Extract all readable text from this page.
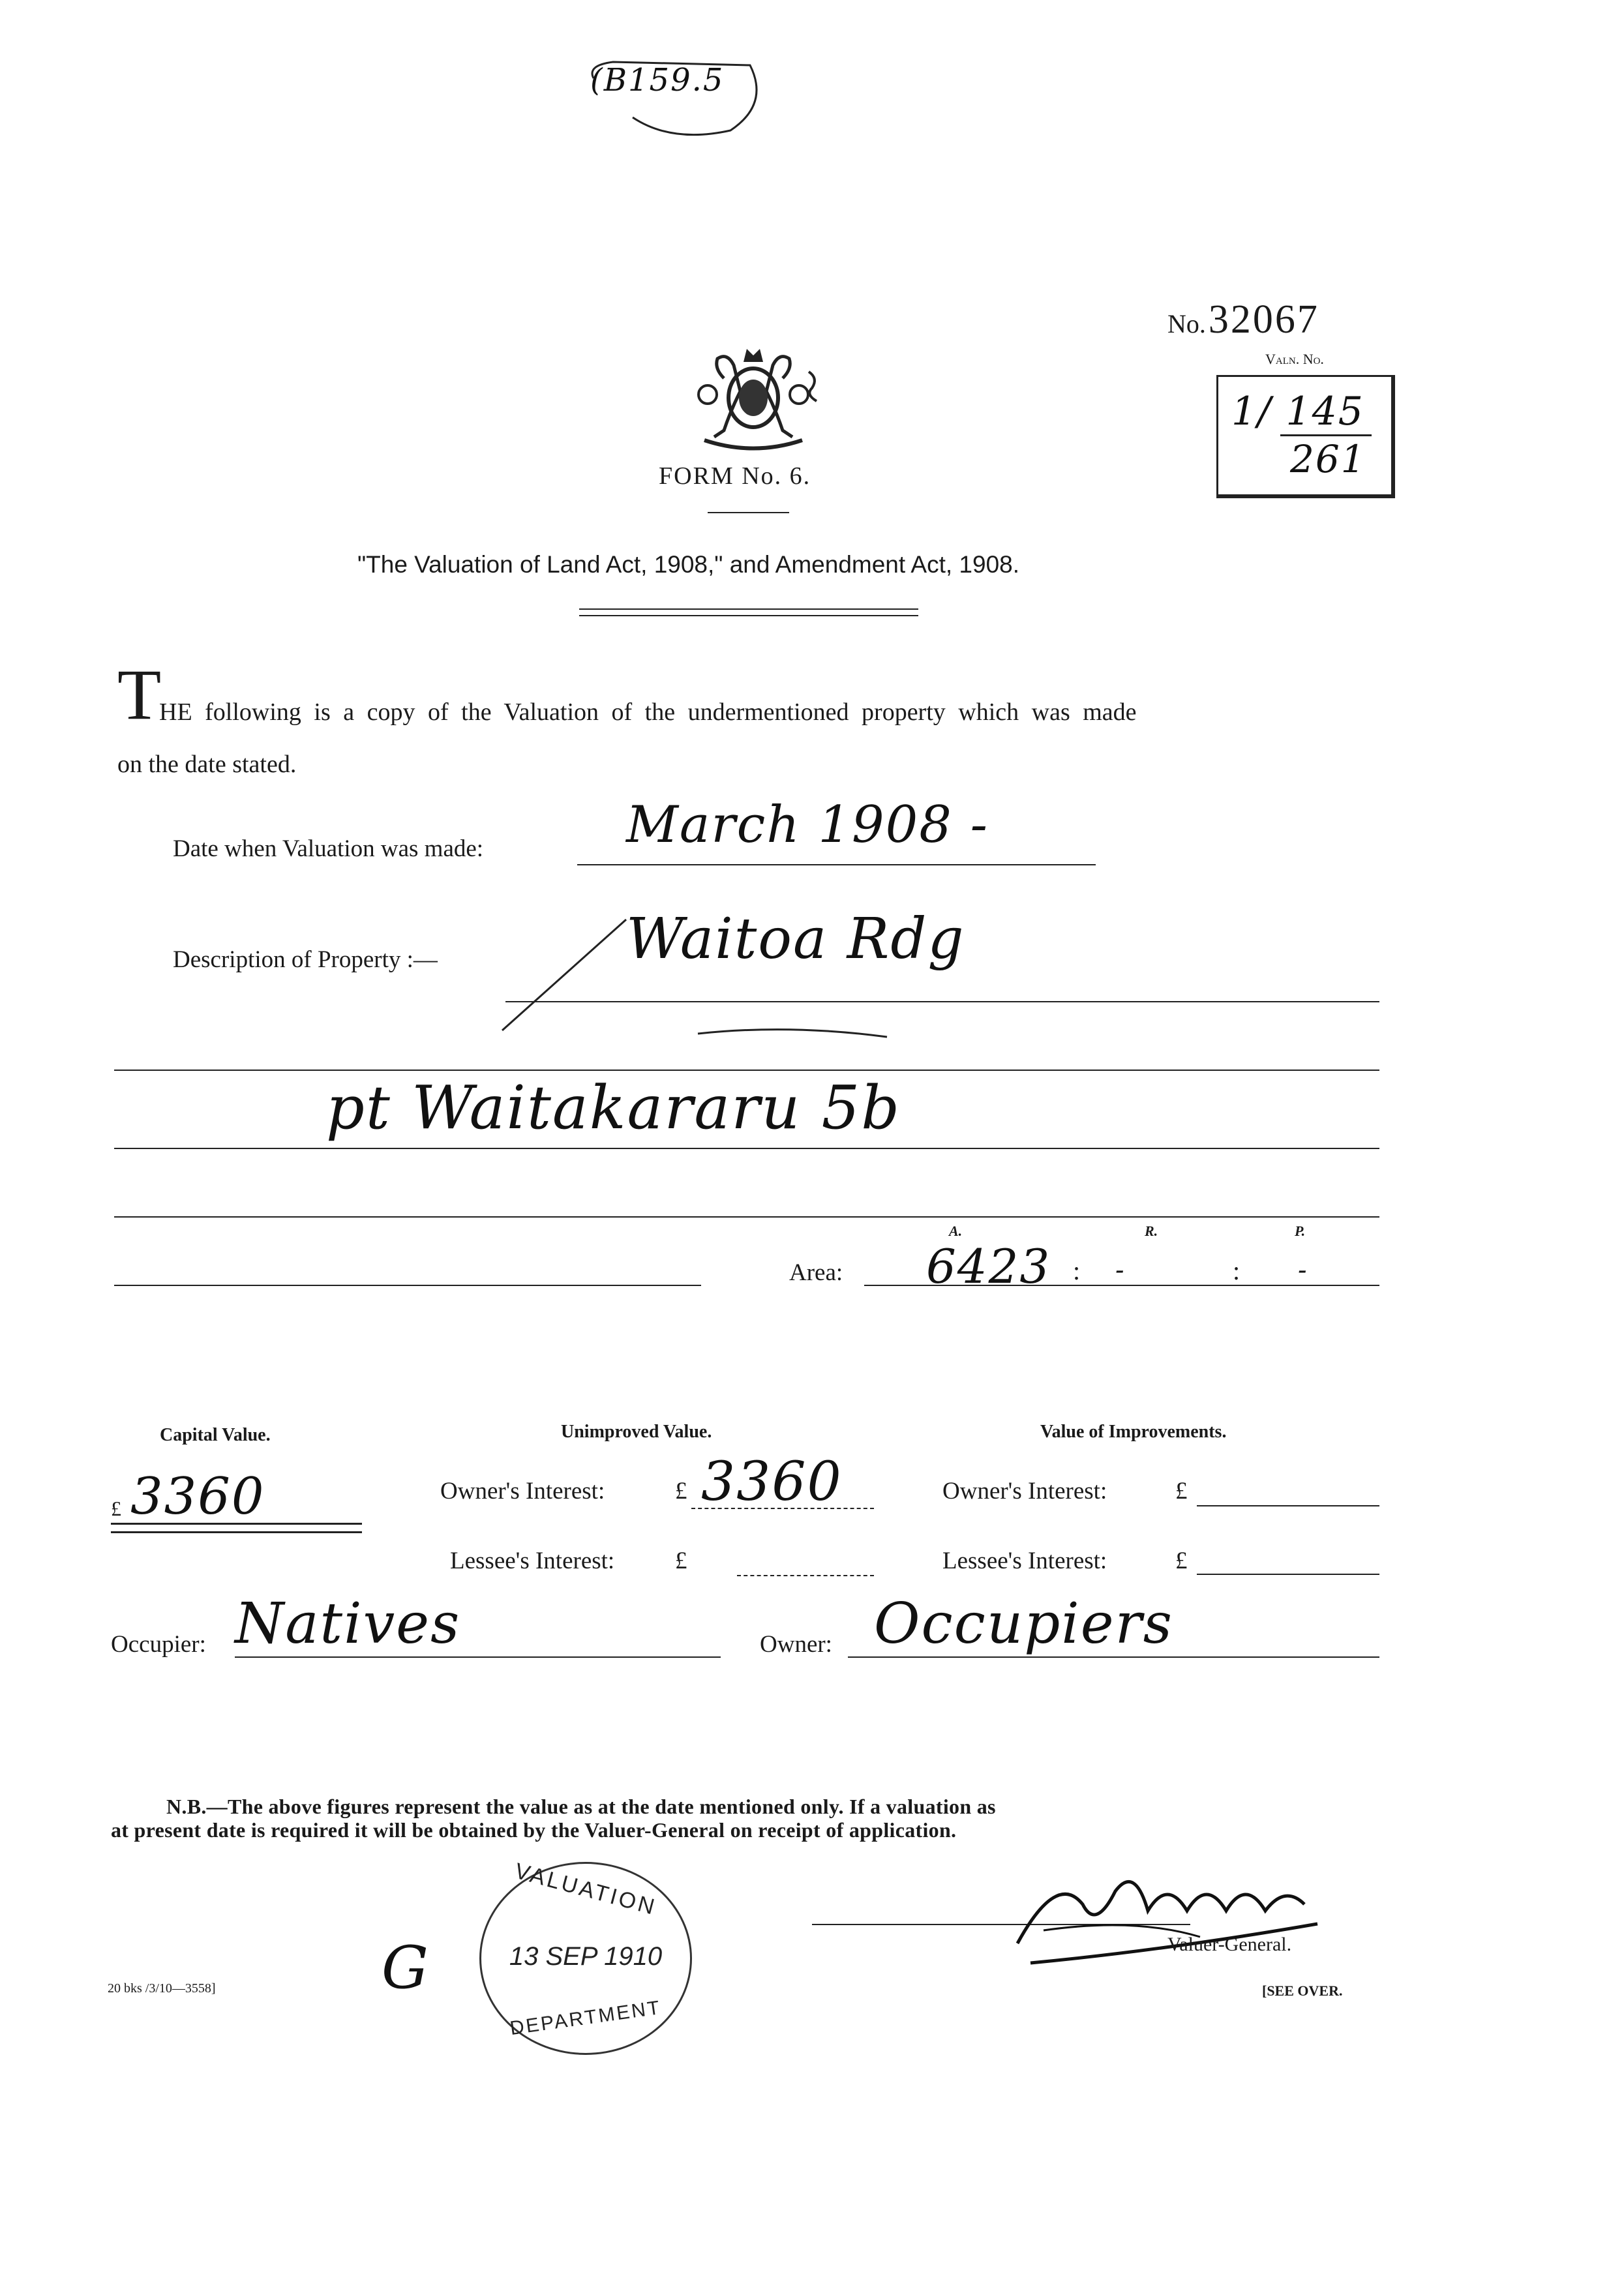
(B159.5
No. 32067
Valn. No.
1/ 145
261
FORM No. 6.
"The Valuation of Land Act, 1908," and Amendment Act, 1908.
T
HE following is a copy of the Valuation of the undermentioned property which was made
on the date stated.
Date when Valuation was made:	March 1908 -
Description of Property :—	Waitoa Rdg
pt Waitakararu 5b
A.	R.	P.
Area: 6423 : -	: -
Capital Value.	Unimproved Value.	Value of Improvements.
£ 3360	Owner's Interest:	£ 3360	Owner's Interest:	£
Lessee's Interest:	£	Lessee's Interest:	£
Occupier: Natives	Owner: Occupiers
N.B.—The above figures represent the value as at the date mentioned only. If a valuation as
at present date is required it will be obtained by the Valuer-General on receipt of application.
VALUATION
13 SEP 1910
DEPARTMENT
G
20 bks /3/10—3558]
Valuer-General.
[SEE OVER.
